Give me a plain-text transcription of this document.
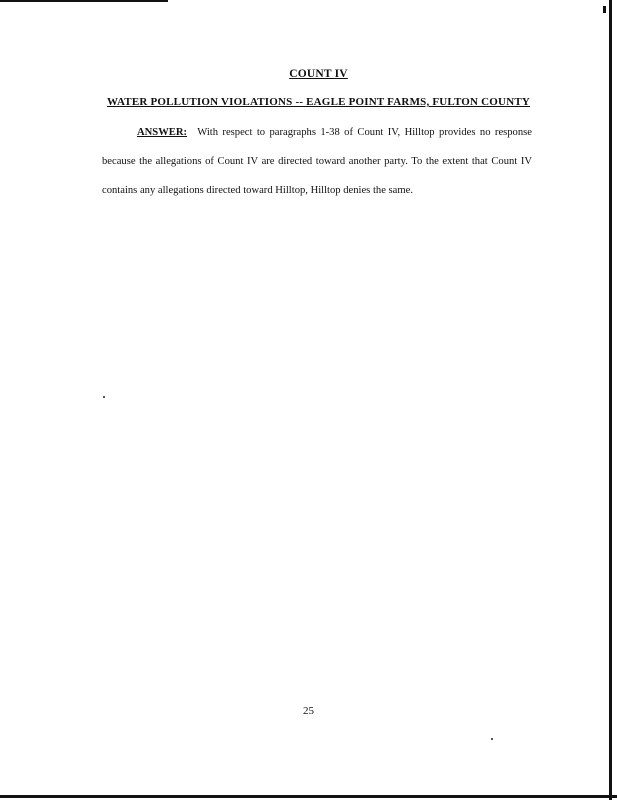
COUNT IV
WATER POLLUTION VIOLATIONS -- EAGLE POINT FARMS, FULTON COUNTY

ANSWER: With respect to paragraphs 1-38 of Count IV, Hilltop provides no response because the allegations of Count IV are directed toward another party. To the extent that Count IV contains any allegations directed toward Hilltop, Hilltop denies the same.

25
